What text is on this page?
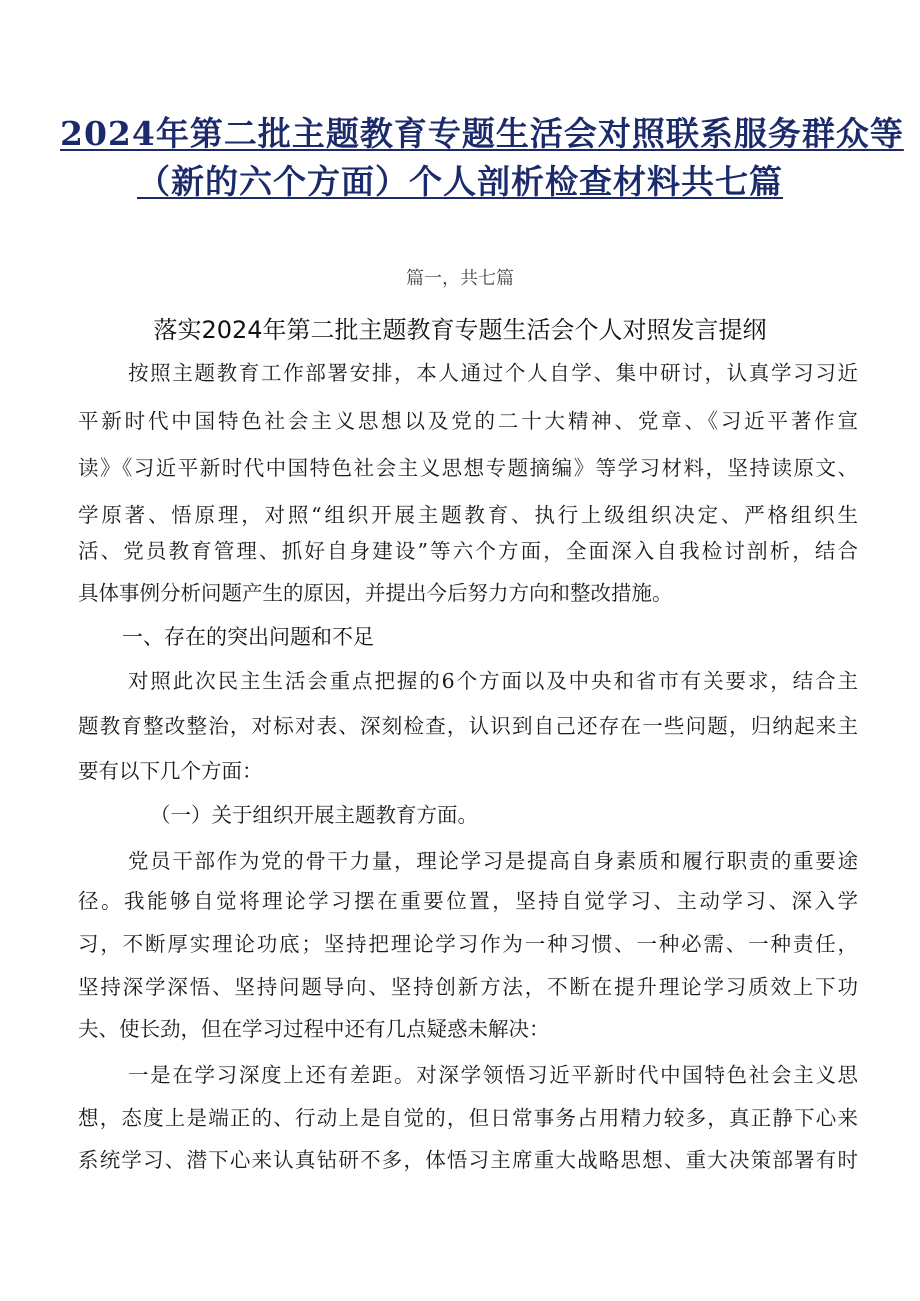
2024年第二批主题教育专题生活会对照联系服务群众等
（新的六个方面）个人剖析检查材料共七篇
篇一，共七篇
落实2024年第二批主题教育专题生活会个人对照发言提纲
按照主题教育工作部署安排，本人通过个人自学、集中研讨，认真学习习近
平新时代中国特色社会主义思想以及党的二十大精神、党章、《习近平著作宣
读》《习近平新时代中国特色社会主义思想专题摘编》等学习材料，坚持读原文、
学原著、悟原理，对照“组织开展主题教育、执行上级组织决定、严格组织生
活、党员教育管理、抓好自身建设”等六个方面，全面深入自我检讨剖析，结合
具体事例分析问题产生的原因，并提出今后努力方向和整改措施。
一、存在的突出问题和不足
对照此次民主生活会重点把握的6个方面以及中央和省市有关要求，结合主
题教育整改整治，对标对表、深刻检查，认识到自己还存在一些问题，归纳起来主
要有以下几个方面：
（一）关于组织开展主题教育方面。
党员干部作为党的骨干力量，理论学习是提高自身素质和履行职责的重要途
径。我能够自觉将理论学习摆在重要位置，坚持自觉学习、主动学习、深入学
习，不断厚实理论功底；坚持把理论学习作为一种习惯、一种必需、一种责任，
坚持深学深悟、坚持问题导向、坚持创新方法，不断在提升理论学习质效上下功
夫、使长劲，但在学习过程中还有几点疑惑未解决：
一是在学习深度上还有差距。对深学领悟习近平新时代中国特色社会主义思
想，态度上是端正的、行动上是自觉的，但日常事务占用精力较多，真正静下心来
系统学习、潜下心来认真钻研不多，体悟习主席重大战略思想、重大决策部署有时
